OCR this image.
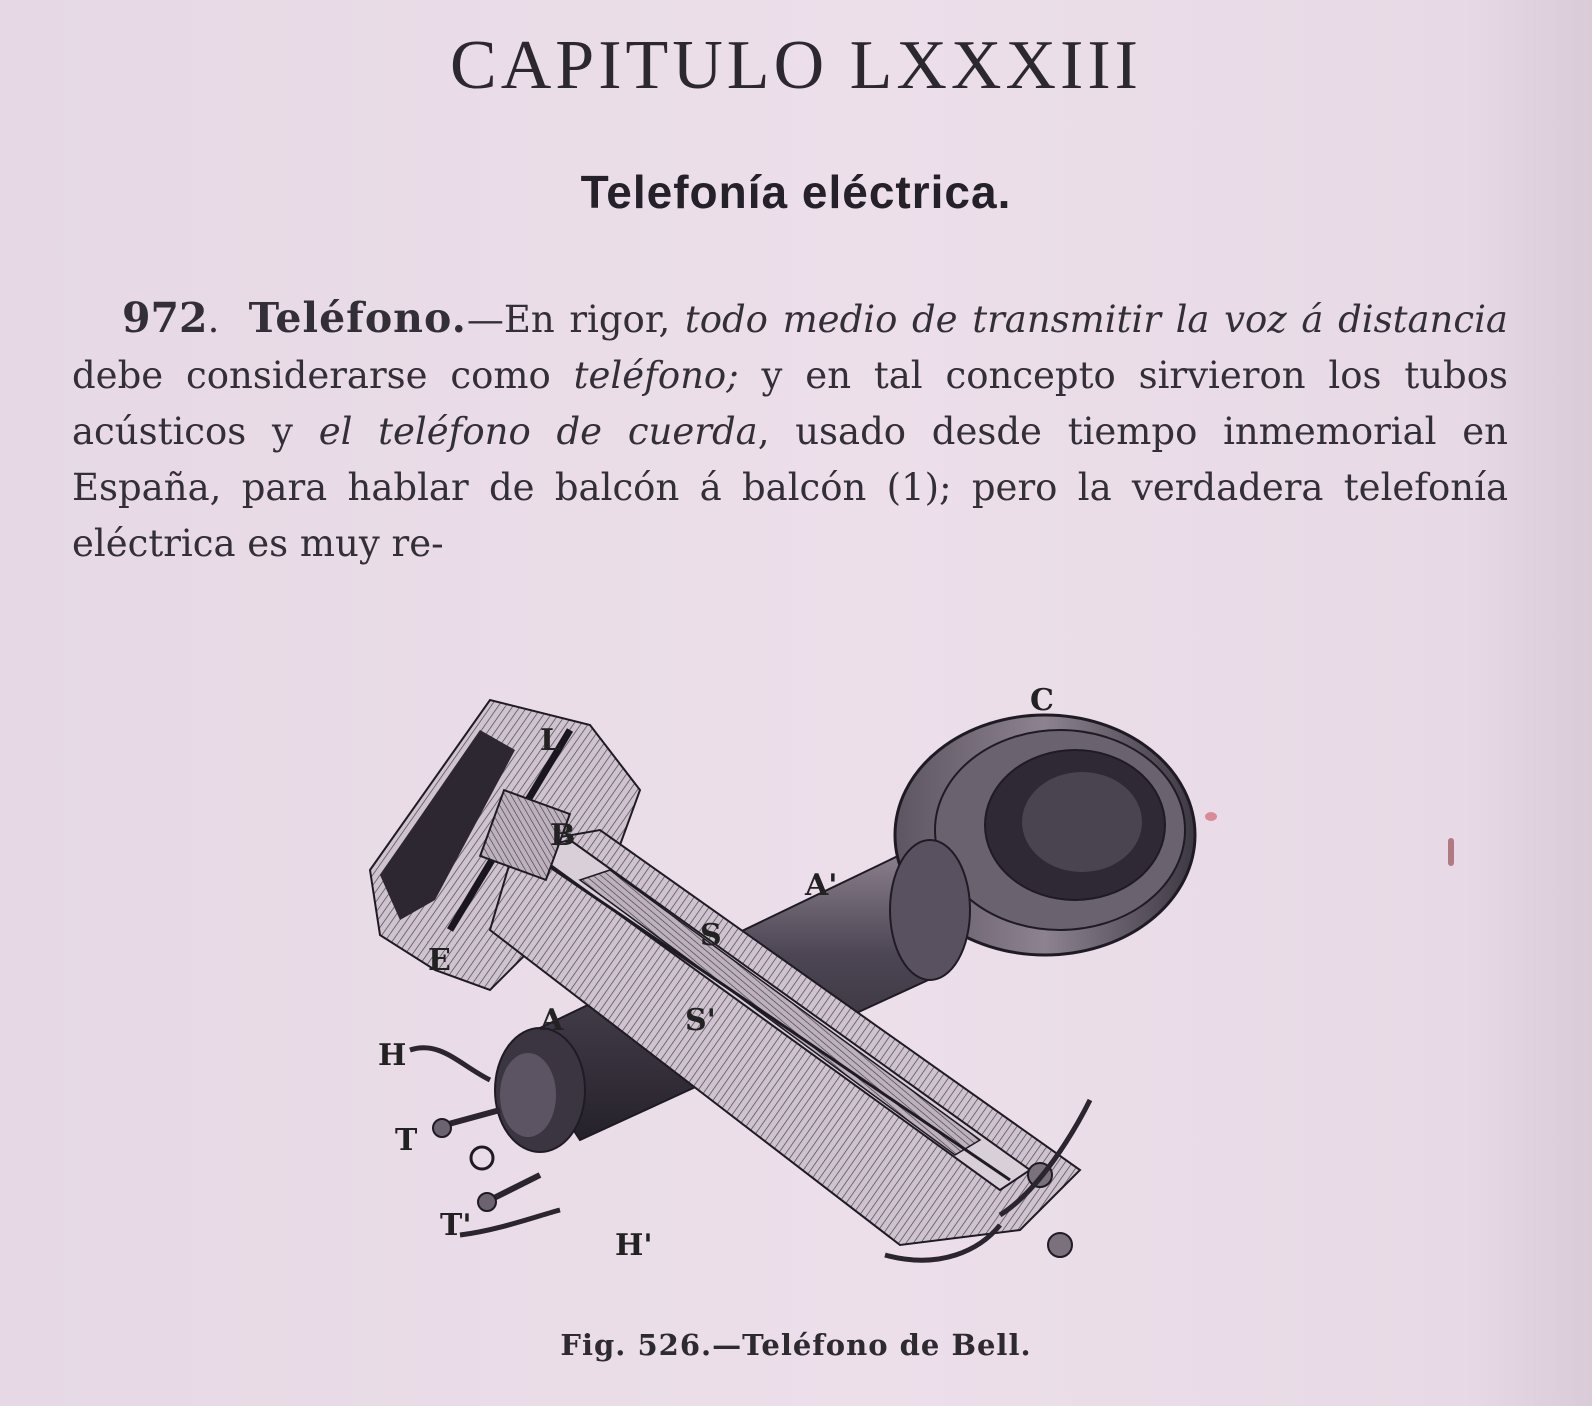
CAPITULO LXXXIII
Telefonía eléctrica.

972. Teléfono.—En rigor, todo medio de transmitir la voz á distancia debe considerarse como teléfono; y en tal concepto sirvieron los tubos acústicos y el teléfono de cuerda, usado desde tiempo inmemorial en España, para hablar de balcón á balcón (1); pero la verdadera telefonía eléctrica es muy re-

C
L
B
A'
S
E
A	S'
H
T
T'
H'
Fig. 526.—Teléfono de Bell.
